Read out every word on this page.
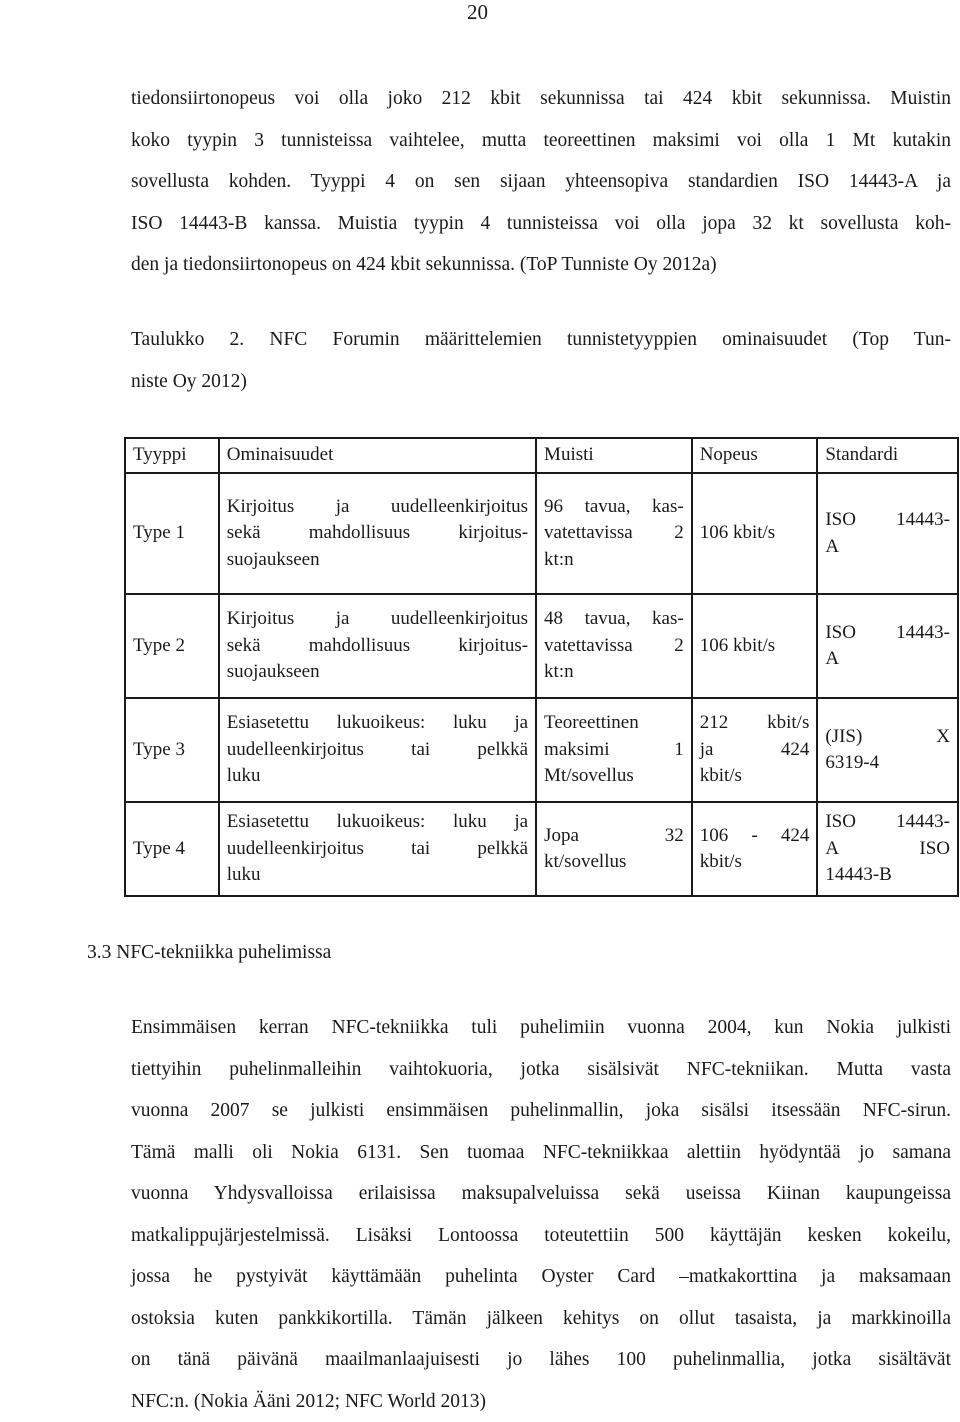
20
tiedonsiirtonopeus voi olla joko 212 kbit sekunnissa tai 424 kbit sekunnissa. Muistin
koko tyypin 3 tunnisteissa vaihtelee, mutta teoreettinen maksimi voi olla 1 Mt kutakin
sovellusta kohden. Tyyppi 4 on sen sijaan yhteensopiva standardien ISO 14443-A ja
ISO 14443-B kanssa. Muistia tyypin 4 tunnisteissa voi olla jopa 32 kt sovellusta koh-
den ja tiedonsiirtonopeus on 424 kbit sekunnissa. (ToP Tunniste Oy 2012a)
Taulukko 2. NFC Forumin määrittelemien tunnistetyyppien ominaisuudet (Top Tun-
niste Oy 2012)
Tyyppi	Ominaisuudet	Muisti	Nopeus	Standardi
Type 1	Kirjoitus ja uudelleenkirjoitus
sekä mahdollisuus kirjoitus-
suojaukseen	96 tavua, kas-
vatettavissa 2
kt:n	106 kbit/s	ISO 14443-
A

Type 2	Kirjoitus ja uudelleenkirjoitus
sekä mahdollisuus kirjoitus-
suojaukseen	48 tavua, kas-
vatettavissa 2
kt:n	106 kbit/s	ISO 14443-
A

Type 3	Esiasetettu lukuoikeus: luku ja
uudelleenkirjoitus tai pelkkä
luku	Teoreettinen
maksimi 1
Mt/sovellus	212 kbit/s
ja 424
kbit/s	(JIS) X
6319-4

Type 4	Esiasetettu lukuoikeus: luku ja
uudelleenkirjoitus tai pelkkä
luku	Jopa 32
kt/sovellus	106 - 424
kbit/s	ISO 14443-
A ISO
14443-B
3.3 NFC-tekniikka puhelimissa
Ensimmäisen kerran NFC-tekniikka tuli puhelimiin vuonna 2004, kun Nokia julkisti
tiettyihin puhelinmalleihin vaihtokuoria, jotka sisälsivät NFC-tekniikan. Mutta vasta
vuonna 2007 se julkisti ensimmäisen puhelinmallin, joka sisälsi itsessään NFC-sirun.
Tämä malli oli Nokia 6131. Sen tuomaa NFC-tekniikkaa alettiin hyödyntää jo samana
vuonna Yhdysvalloissa erilaisissa maksupalveluissa sekä useissa Kiinan kaupungeissa
matkalippujärjestelmissä. Lisäksi Lontoossa toteutettiin 500 käyttäjän kesken kokeilu,
jossa he pystyivät käyttämään puhelinta Oyster Card –matkakorttina ja maksamaan
ostoksia kuten pankkikortilla. Tämän jälkeen kehitys on ollut tasaista, ja markkinoilla
on tänä päivänä maailmanlaajuisesti jo lähes 100 puhelinmallia, jotka sisältävät
NFC:n. (Nokia Ääni 2012; NFC World 2013)
